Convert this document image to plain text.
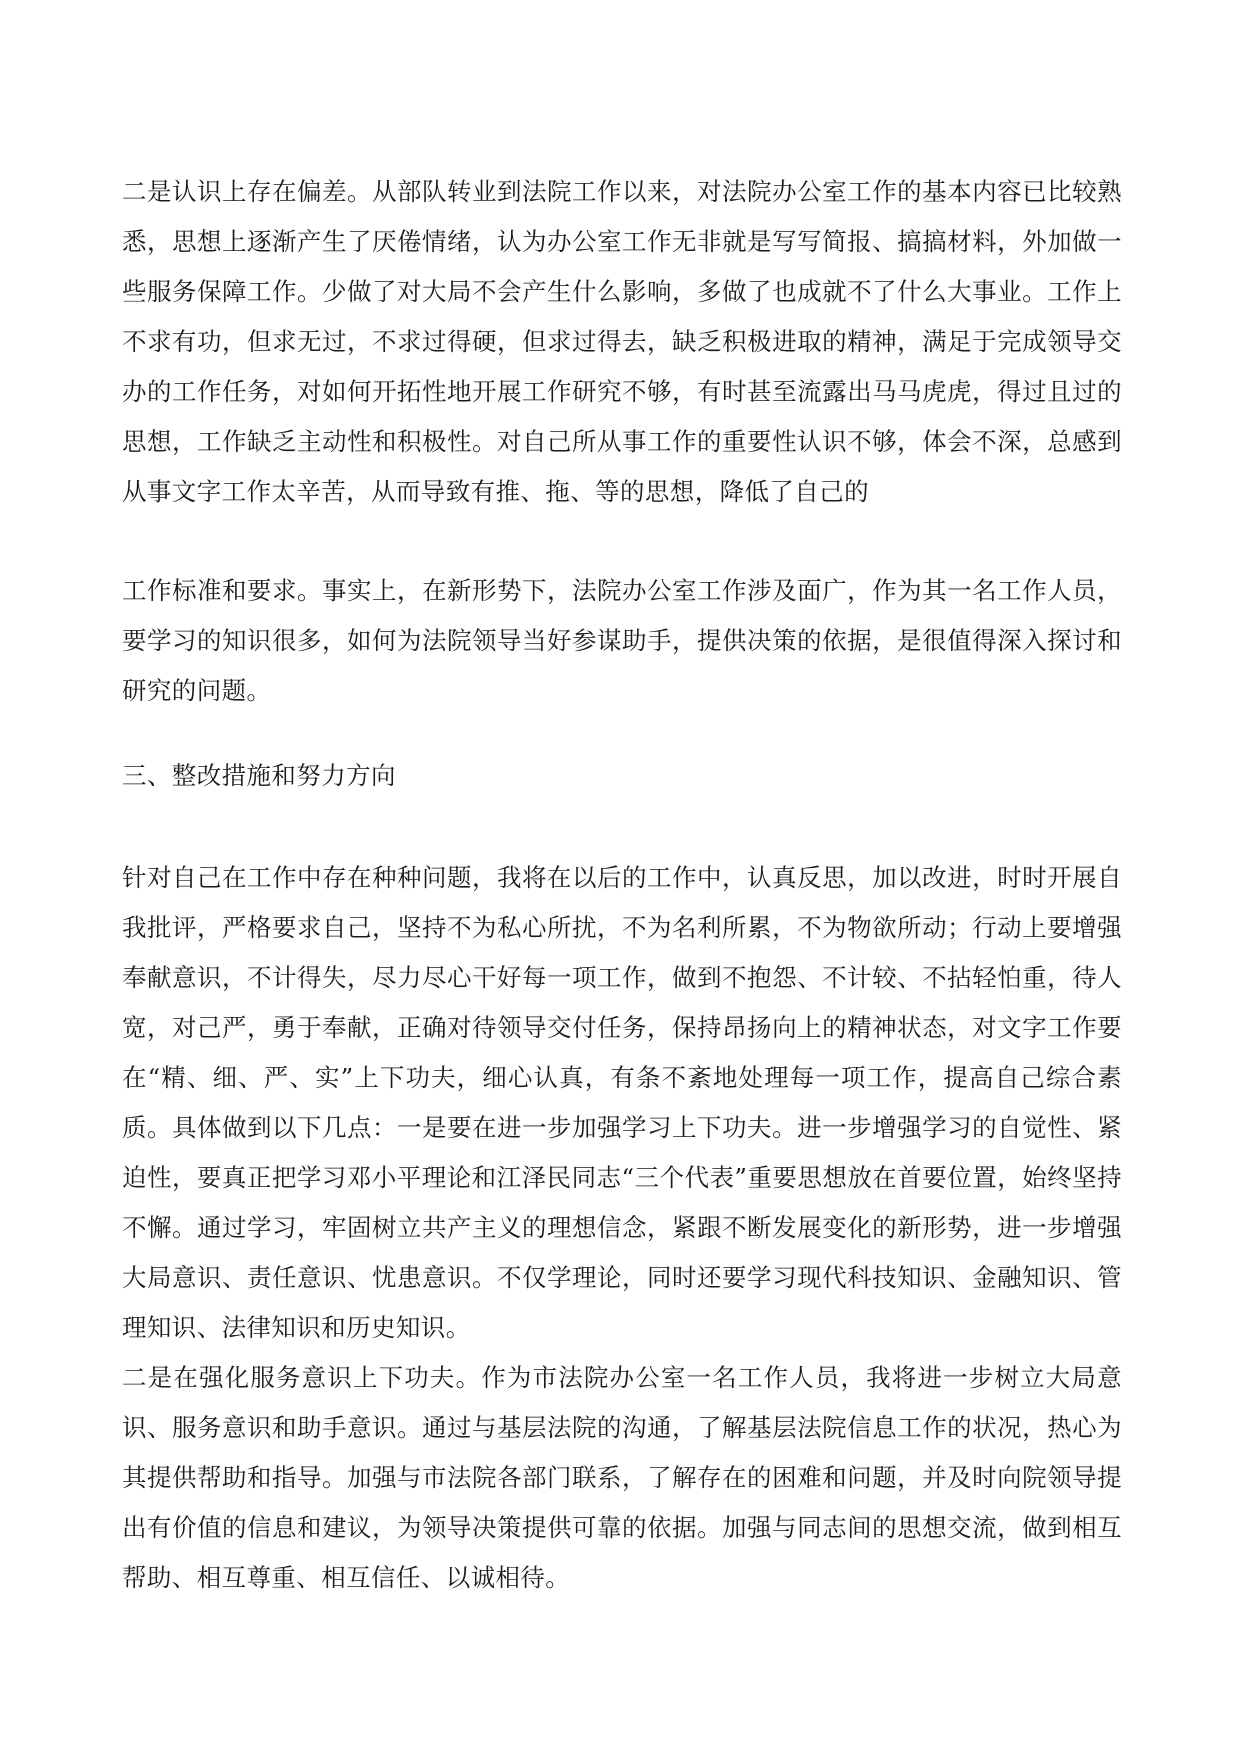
二是认识上存在偏差。从部队转业到法院工作以来，对法院办公室工作的基本内容已比较熟悉，思想上逐渐产生了厌倦情绪，认为办公室工作无非就是写写简报、搞搞材料，外加做一些服务保障工作。少做了对大局不会产生什么影响，多做了也成就不了什么大事业。工作上不求有功，但求无过，不求过得硬，但求过得去，缺乏积极进取的精神，满足于完成领导交办的工作任务，对如何开拓性地开展工作研究不够，有时甚至流露出马马虎虎，得过且过的思想，工作缺乏主动性和积极性。对自己所从事工作的重要性认识不够，体会不深，总感到从事文字工作太辛苦，从而导致有推、拖、等的思想，降低了自己的

工作标准和要求。事实上，在新形势下，法院办公室工作涉及面广，作为其一名工作人员，要学习的知识很多，如何为法院领导当好参谋助手，提供决策的依据，是很值得深入探讨和研究的问题。

三、整改措施和努力方向

针对自己在工作中存在种种问题，我将在以后的工作中，认真反思，加以改进，时时开展自我批评，严格要求自己，坚持不为私心所扰，不为名利所累，不为物欲所动；行动上要增强奉献意识，不计得失，尽力尽心干好每一项工作，做到不抱怨、不计较、不拈轻怕重，待人宽，对己严，勇于奉献，正确对待领导交付任务，保持昂扬向上的精神状态，对文字工作要在“精、细、严、实”上下功夫，细心认真，有条不紊地处理每一项工作，提高自己综合素质。具体做到以下几点：一是要在进一步加强学习上下功夫。进一步增强学习的自觉性、紧迫性，要真正把学习邓小平理论和江泽民同志“三个代表”重要思想放在首要位置，始终坚持不懈。通过学习，牢固树立共产主义的理想信念，紧跟不断发展变化的新形势，进一步增强大局意识、责任意识、忧患意识。不仅学理论，同时还要学习现代科技知识、金融知识、管理知识、法律知识和历史知识。

二是在强化服务意识上下功夫。作为市法院办公室一名工作人员，我将进一步树立大局意识、服务意识和助手意识。通过与基层法院的沟通，了解基层法院信息工作的状况，热心为其提供帮助和指导。加强与市法院各部门联系，了解存在的困难和问题，并及时向院领导提出有价值的信息和建议，为领导决策提供可靠的依据。加强与同志间的思想交流，做到相互帮助、相互尊重、相互信任、以诚相待。
